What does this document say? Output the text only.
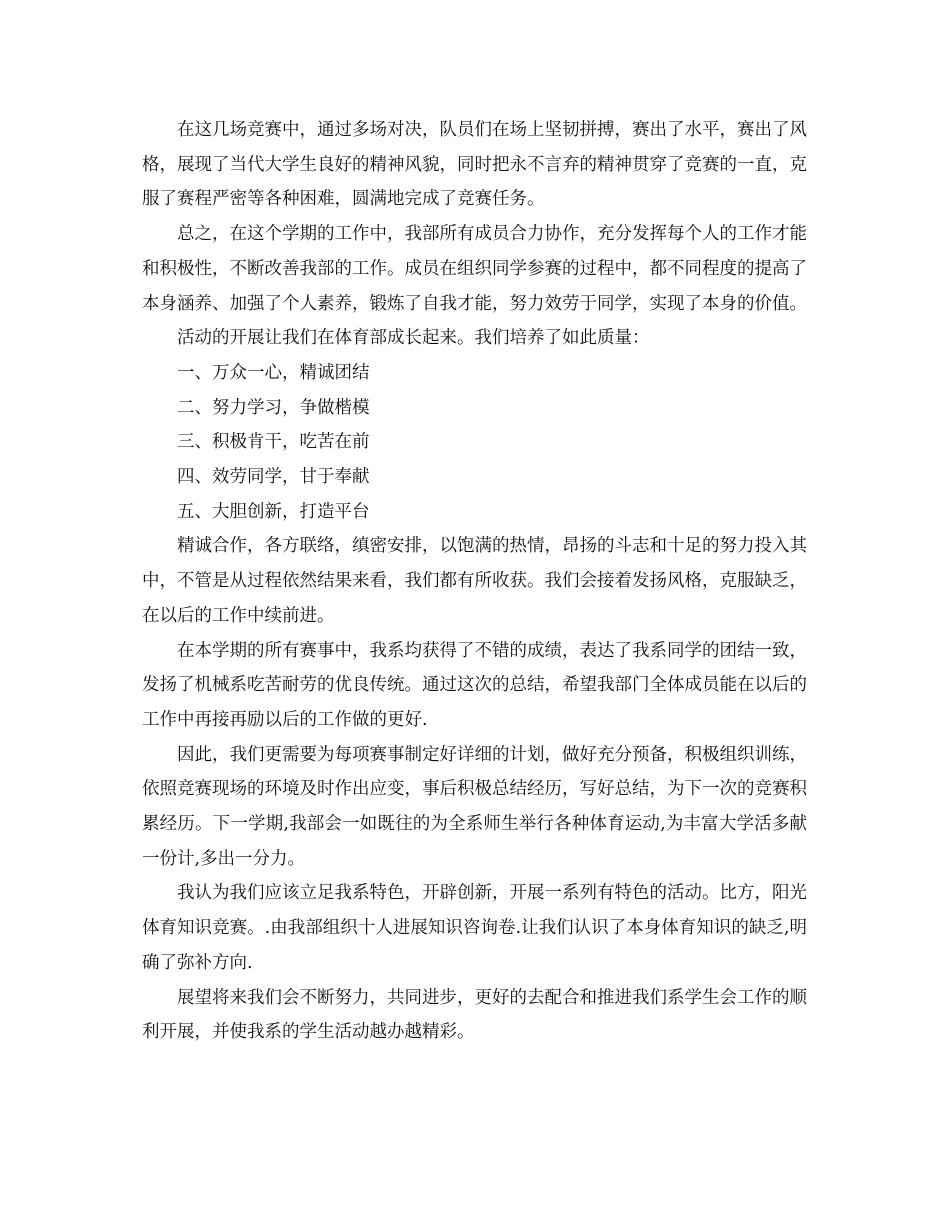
在这几场竞赛中，通过多场对决，队员们在场上坚韧拼搏，赛出了水平，赛出了风格，展现了当代大学生良好的精神风貌，同时把永不言弃的精神贯穿了竞赛的一直，克服了赛程严密等各种困难，圆满地完成了竞赛任务。

总之，在这个学期的工作中，我部所有成员合力协作，充分发挥每个人的工作才能和积极性，不断改善我部的工作。成员在组织同学参赛的过程中，都不同程度的提高了本身涵养、加强了个人素养，锻炼了自我才能，努力效劳于同学，实现了本身的价值。

活动的开展让我们在体育部成长起来。我们培养了如此质量：

一、万众一心，精诚团结

二、努力学习，争做楷模

三、积极肯干，吃苦在前

四、效劳同学，甘于奉献

五、大胆创新，打造平台

精诚合作，各方联络，缜密安排，以饱满的热情，昂扬的斗志和十足的努力投入其中，不管是从过程依然结果来看，我们都有所收获。我们会接着发扬风格，克服缺乏，在以后的工作中续前进。

在本学期的所有赛事中，我系均获得了不错的成绩，表达了我系同学的团结一致，发扬了机械系吃苦耐劳的优良传统。通过这次的总结，希望我部门全体成员能在以后的工作中再接再励以后的工作做的更好.

因此，我们更需要为每项赛事制定好详细的计划，做好充分预备，积极组织训练，依照竞赛现场的环境及时作出应变，事后积极总结经历，写好总结，为下一次的竞赛积累经历。下一学期,我部会一如既往的为全系师生举行各种体育运动,为丰富大学活多献一份计,多出一分力。

我认为我们应该立足我系特色，开辟创新，开展一系列有特色的活动。比方，阳光体育知识竞赛。.由我部组织十人进展知识咨询卷.让我们认识了本身体育知识的缺乏,明确了弥补方向.

展望将来我们会不断努力，共同进步，更好的去配合和推进我们系学生会工作的顺利开展，并使我系的学生活动越办越精彩。
